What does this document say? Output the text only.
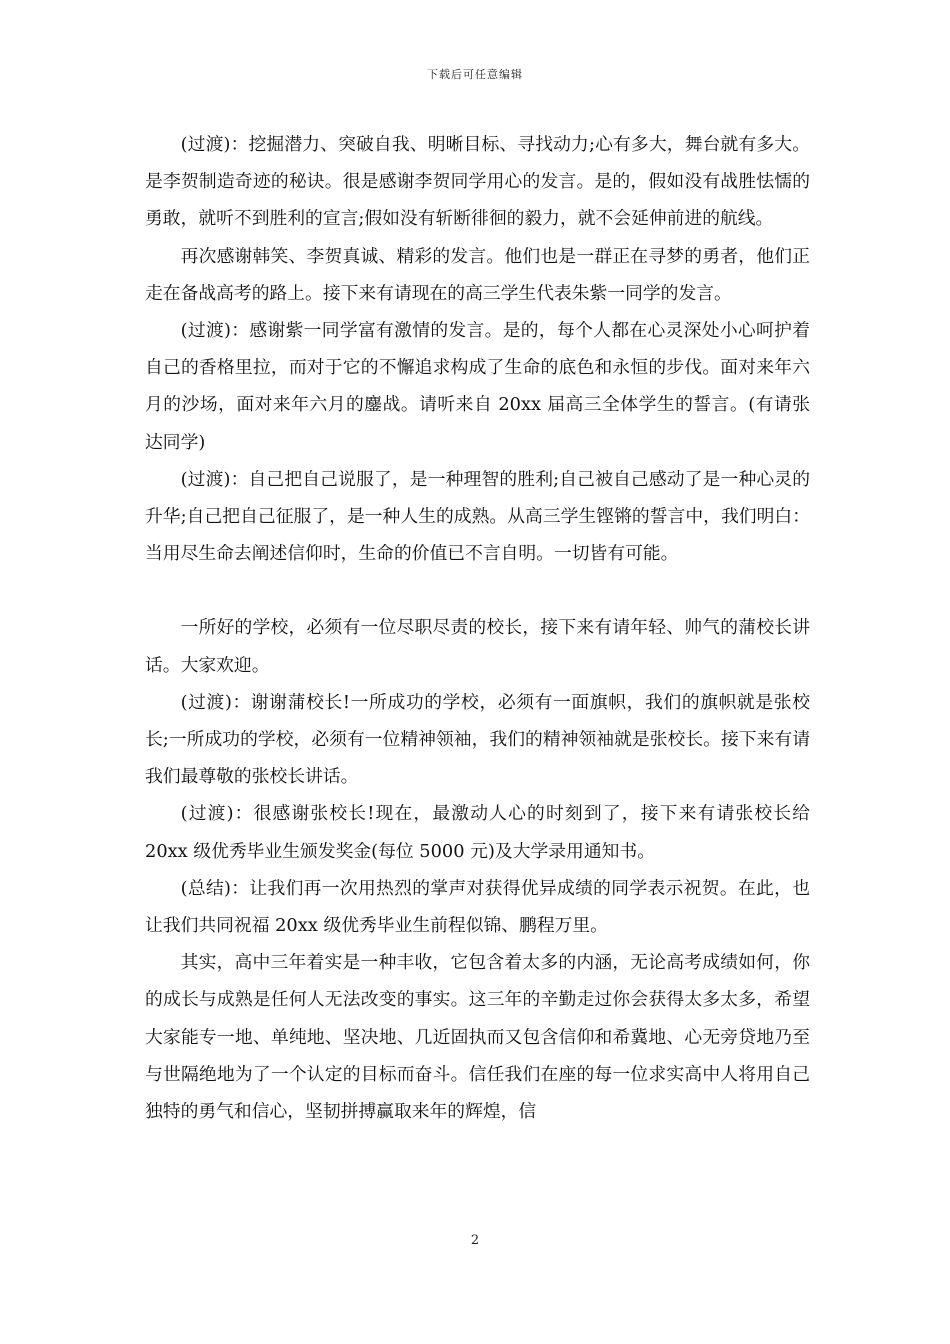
下载后可任意编辑

(过渡)：挖掘潜力、突破自我、明晰目标、寻找动力;心有多大，舞台就有多大。是李贺制造奇迹的秘诀。很是感谢李贺同学用心的发言。是的，假如没有战胜怯懦的勇敢，就听不到胜利的宣言;假如没有斩断徘徊的毅力，就不会延伸前进的航线。

再次感谢韩笑、李贺真诚、精彩的发言。他们也是一群正在寻梦的勇者，他们正走在备战高考的路上。接下来有请现在的高三学生代表朱紫一同学的发言。

(过渡)：感谢紫一同学富有激情的发言。是的，每个人都在心灵深处小心呵护着自己的香格里拉，而对于它的不懈追求构成了生命的底色和永恒的步伐。面对来年六月的沙场，面对来年六月的鏖战。请听来自 20xx 届高三全体学生的誓言。(有请张达同学)

(过渡)：自己把自己说服了，是一种理智的胜利;自己被自己感动了是一种心灵的升华;自己把自己征服了，是一种人生的成熟。从高三学生铿锵的誓言中，我们明白：当用尽生命去阐述信仰时，生命的价值已不言自明。一切皆有可能。

一所好的学校，必须有一位尽职尽责的校长，接下来有请年轻、帅气的蒲校长讲话。大家欢迎。

(过渡)：谢谢蒲校长!一所成功的学校，必须有一面旗帜，我们的旗帜就是张校长;一所成功的学校，必须有一位精神领袖，我们的精神领袖就是张校长。接下来有请我们最尊敬的张校长讲话。

(过渡)：很感谢张校长!现在，最激动人心的时刻到了，接下来有请张校长给 20xx 级优秀毕业生颁发奖金(每位 5000 元)及大学录用通知书。

(总结)：让我们再一次用热烈的掌声对获得优异成绩的同学表示祝贺。在此，也让我们共同祝福 20xx 级优秀毕业生前程似锦、鹏程万里。

其实，高中三年着实是一种丰收，它包含着太多的内涵，无论高考成绩如何，你的成长与成熟是任何人无法改变的事实。这三年的辛勤走过你会获得太多太多，希望大家能专一地、单纯地、坚决地、几近固执而又包含信仰和希冀地、心无旁贷地乃至与世隔绝地为了一个认定的目标而奋斗。信任我们在座的每一位求实高中人将用自己独特的勇气和信心，坚韧拼搏赢取来年的辉煌，信

2
